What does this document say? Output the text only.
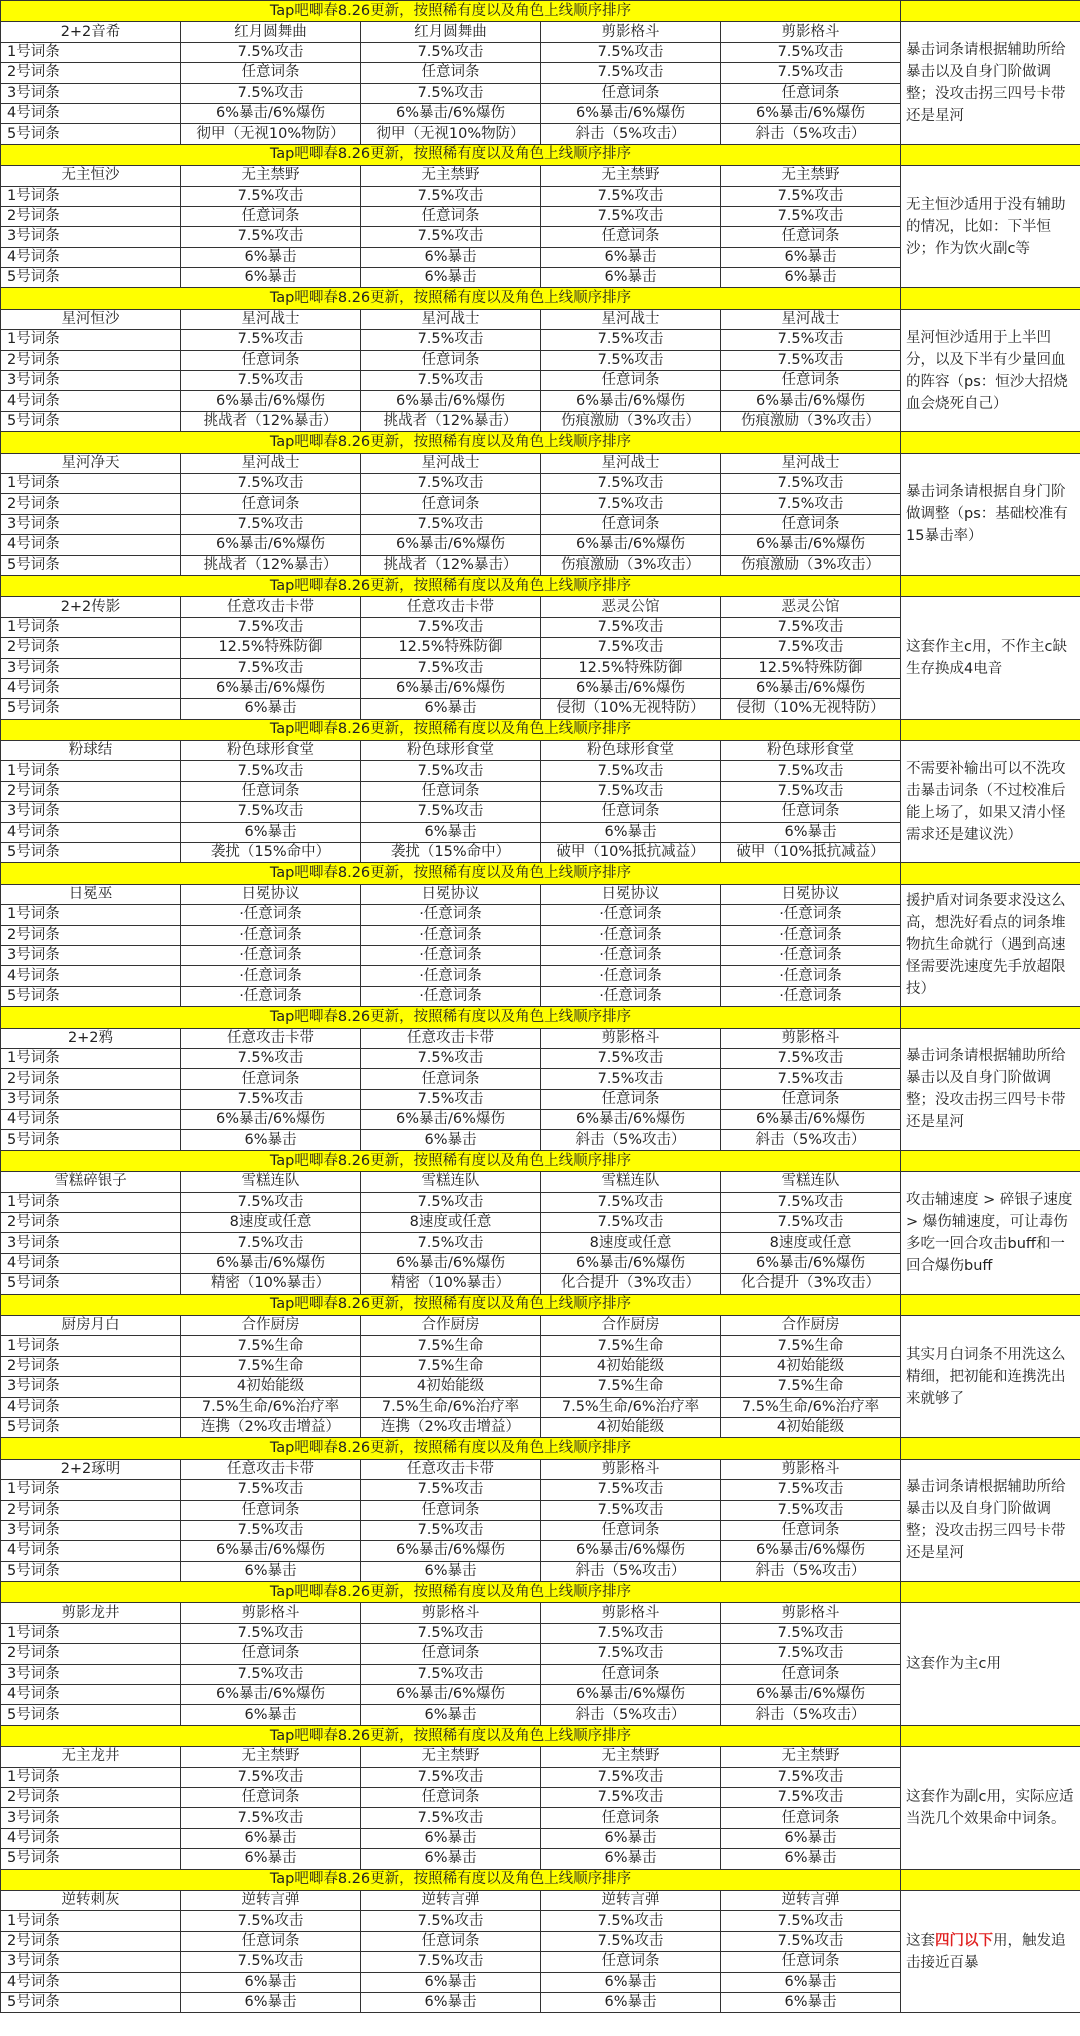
Tap吧唧春8.26更新，按照稀有度以及角色上线顺序排序					
2+2音希	红月圆舞曲	红月圆舞曲	剪影格斗	剪影格斗	暴击词条请根据辅助所给暴击以及自身门阶做调整；没攻击拐三四号卡带还是星河
1号词条	7.5%攻击	7.5%攻击	7.5%攻击	7.5%攻击	
2号词条	任意词条	任意词条	7.5%攻击	7.5%攻击	
3号词条	7.5%攻击	7.5%攻击	任意词条	任意词条	
4号词条	6%暴击/6%爆伤	6%暴击/6%爆伤	6%暴击/6%爆伤	6%暴击/6%爆伤	
5号词条	彻甲（无视10%物防）	彻甲（无视10%物防）	斜击（5%攻击）	斜击（5%攻击）	
Tap吧唧春8.26更新，按照稀有度以及角色上线顺序排序					
无主恒沙	无主禁野	无主禁野	无主禁野	无主禁野	无主恒沙适用于没有辅助的情况，比如：下半恒沙；作为饮火副c等
1号词条	7.5%攻击	7.5%攻击	7.5%攻击	7.5%攻击	
2号词条	任意词条	任意词条	7.5%攻击	7.5%攻击	
3号词条	7.5%攻击	7.5%攻击	任意词条	任意词条	
4号词条	6%暴击	6%暴击	6%暴击	6%暴击	
5号词条	6%暴击	6%暴击	6%暴击	6%暴击	
Tap吧唧春8.26更新，按照稀有度以及角色上线顺序排序					
星河恒沙	星河战士	星河战士	星河战士	星河战士	星河恒沙适用于上半凹分，以及下半有少量回血的阵容（ps：恒沙大招烧血会烧死自己）
1号词条	7.5%攻击	7.5%攻击	7.5%攻击	7.5%攻击	
2号词条	任意词条	任意词条	7.5%攻击	7.5%攻击	
3号词条	7.5%攻击	7.5%攻击	任意词条	任意词条	
4号词条	6%暴击/6%爆伤	6%暴击/6%爆伤	6%暴击/6%爆伤	6%暴击/6%爆伤	
5号词条	挑战者（12%暴击）	挑战者（12%暴击）	伤痕激励（3%攻击）	伤痕激励（3%攻击）	
Tap吧唧春8.26更新，按照稀有度以及角色上线顺序排序					
星河净天	星河战士	星河战士	星河战士	星河战士	暴击词条请根据自身门阶做调整（ps：基础校准有15暴击率）
1号词条	7.5%攻击	7.5%攻击	7.5%攻击	7.5%攻击	
2号词条	任意词条	任意词条	7.5%攻击	7.5%攻击	
3号词条	7.5%攻击	7.5%攻击	任意词条	任意词条	
4号词条	6%暴击/6%爆伤	6%暴击/6%爆伤	6%暴击/6%爆伤	6%暴击/6%爆伤	
5号词条	挑战者（12%暴击）	挑战者（12%暴击）	伤痕激励（3%攻击）	伤痕激励（3%攻击）	
Tap吧唧春8.26更新，按照稀有度以及角色上线顺序排序					
2+2传影	任意攻击卡带	任意攻击卡带	恶灵公馆	恶灵公馆	这套作主c用，不作主c缺生存换成4电音
1号词条	7.5%攻击	7.5%攻击	7.5%攻击	7.5%攻击	
2号词条	12.5%特殊防御	12.5%特殊防御	7.5%攻击	7.5%攻击	
3号词条	7.5%攻击	7.5%攻击	12.5%特殊防御	12.5%特殊防御	
4号词条	6%暴击/6%爆伤	6%暴击/6%爆伤	6%暴击/6%爆伤	6%暴击/6%爆伤	
5号词条	6%暴击	6%暴击	侵彻（10%无视特防）	侵彻（10%无视特防）	
Tap吧唧春8.26更新，按照稀有度以及角色上线顺序排序					
粉球结	粉色球形食堂	粉色球形食堂	粉色球形食堂	粉色球形食堂	不需要补输出可以不洗攻击暴击词条（不过校准后能上场了，如果又清小怪需求还是建议洗）
1号词条	7.5%攻击	7.5%攻击	7.5%攻击	7.5%攻击	
2号词条	任意词条	任意词条	7.5%攻击	7.5%攻击	
3号词条	7.5%攻击	7.5%攻击	任意词条	任意词条	
4号词条	6%暴击	6%暴击	6%暴击	6%暴击	
5号词条	袭扰（15%命中）	袭扰（15%命中）	破甲（10%抵抗减益）	破甲（10%抵抗减益）	
Tap吧唧春8.26更新，按照稀有度以及角色上线顺序排序					
日冕巫	日冕协议	日冕协议	日冕协议	日冕协议	援护盾对词条要求没这么高，想洗好看点的词条堆物抗生命就行（遇到高速怪需要洗速度先手放超限技）
1号词条	·任意词条	·任意词条	·任意词条	·任意词条	
2号词条	·任意词条	·任意词条	·任意词条	·任意词条	
3号词条	·任意词条	·任意词条	·任意词条	·任意词条	
4号词条	·任意词条	·任意词条	·任意词条	·任意词条	
5号词条	·任意词条	·任意词条	·任意词条	·任意词条	
Tap吧唧春8.26更新，按照稀有度以及角色上线顺序排序					
2+2鸦	任意攻击卡带	任意攻击卡带	剪影格斗	剪影格斗	暴击词条请根据辅助所给暴击以及自身门阶做调整；没攻击拐三四号卡带还是星河
1号词条	7.5%攻击	7.5%攻击	7.5%攻击	7.5%攻击	
2号词条	任意词条	任意词条	7.5%攻击	7.5%攻击	
3号词条	7.5%攻击	7.5%攻击	任意词条	任意词条	
4号词条	6%暴击/6%爆伤	6%暴击/6%爆伤	6%暴击/6%爆伤	6%暴击/6%爆伤	
5号词条	6%暴击	6%暴击	斜击（5%攻击）	斜击（5%攻击）	
Tap吧唧春8.26更新，按照稀有度以及角色上线顺序排序					
雪糕碎银子	雪糕连队	雪糕连队	雪糕连队	雪糕连队	攻击辅速度 > 碎银子速度 > 爆伤辅速度，可让毒伤多吃一回合攻击buff和一回合爆伤buff
1号词条	7.5%攻击	7.5%攻击	7.5%攻击	7.5%攻击	
2号词条	8速度或任意	8速度或任意	7.5%攻击	7.5%攻击	
3号词条	7.5%攻击	7.5%攻击	8速度或任意	8速度或任意	
4号词条	6%暴击/6%爆伤	6%暴击/6%爆伤	6%暴击/6%爆伤	6%暴击/6%爆伤	
5号词条	精密（10%暴击）	精密（10%暴击）	化合提升（3%攻击）	化合提升（3%攻击）	
Tap吧唧春8.26更新，按照稀有度以及角色上线顺序排序					
厨房月白	合作厨房	合作厨房	合作厨房	合作厨房	其实月白词条不用洗这么精细，把初能和连携洗出来就够了
1号词条	7.5%生命	7.5%生命	7.5%生命	7.5%生命	
2号词条	7.5%生命	7.5%生命	4初始能级	4初始能级	
3号词条	4初始能级	4初始能级	7.5%生命	7.5%生命	
4号词条	7.5%生命/6%治疗率	7.5%生命/6%治疗率	7.5%生命/6%治疗率	7.5%生命/6%治疗率	
5号词条	连携（2%攻击增益）	连携（2%攻击增益）	4初始能级	4初始能级	
Tap吧唧春8.26更新，按照稀有度以及角色上线顺序排序					
2+2琢明	任意攻击卡带	任意攻击卡带	剪影格斗	剪影格斗	暴击词条请根据辅助所给暴击以及自身门阶做调整；没攻击拐三四号卡带还是星河
1号词条	7.5%攻击	7.5%攻击	7.5%攻击	7.5%攻击	
2号词条	任意词条	任意词条	7.5%攻击	7.5%攻击	
3号词条	7.5%攻击	7.5%攻击	任意词条	任意词条	
4号词条	6%暴击/6%爆伤	6%暴击/6%爆伤	6%暴击/6%爆伤	6%暴击/6%爆伤	
5号词条	6%暴击	6%暴击	斜击（5%攻击）	斜击（5%攻击）	
Tap吧唧春8.26更新，按照稀有度以及角色上线顺序排序					
剪影龙井	剪影格斗	剪影格斗	剪影格斗	剪影格斗	这套作为主c用
1号词条	7.5%攻击	7.5%攻击	7.5%攻击	7.5%攻击	
2号词条	任意词条	任意词条	7.5%攻击	7.5%攻击	
3号词条	7.5%攻击	7.5%攻击	任意词条	任意词条	
4号词条	6%暴击/6%爆伤	6%暴击/6%爆伤	6%暴击/6%爆伤	6%暴击/6%爆伤	
5号词条	6%暴击	6%暴击	斜击（5%攻击）	斜击（5%攻击）	
Tap吧唧春8.26更新，按照稀有度以及角色上线顺序排序					
无主龙井	无主禁野	无主禁野	无主禁野	无主禁野	这套作为副c用，实际应适当洗几个效果命中词条。
1号词条	7.5%攻击	7.5%攻击	7.5%攻击	7.5%攻击	
2号词条	任意词条	任意词条	7.5%攻击	7.5%攻击	
3号词条	7.5%攻击	7.5%攻击	任意词条	任意词条	
4号词条	6%暴击	6%暴击	6%暴击	6%暴击	
5号词条	6%暴击	6%暴击	6%暴击	6%暴击	
Tap吧唧春8.26更新，按照稀有度以及角色上线顺序排序					
逆转刺灰	逆转言弹	逆转言弹	逆转言弹	逆转言弹	这套四门以下用，触发追击接近百暴
1号词条	7.5%攻击	7.5%攻击	7.5%攻击	7.5%攻击	
2号词条	任意词条	任意词条	7.5%攻击	7.5%攻击	
3号词条	7.5%攻击	7.5%攻击	任意词条	任意词条	
4号词条	6%暴击	6%暴击	6%暴击	6%暴击	
5号词条	6%暴击	6%暴击	6%暴击	6%暴击	
